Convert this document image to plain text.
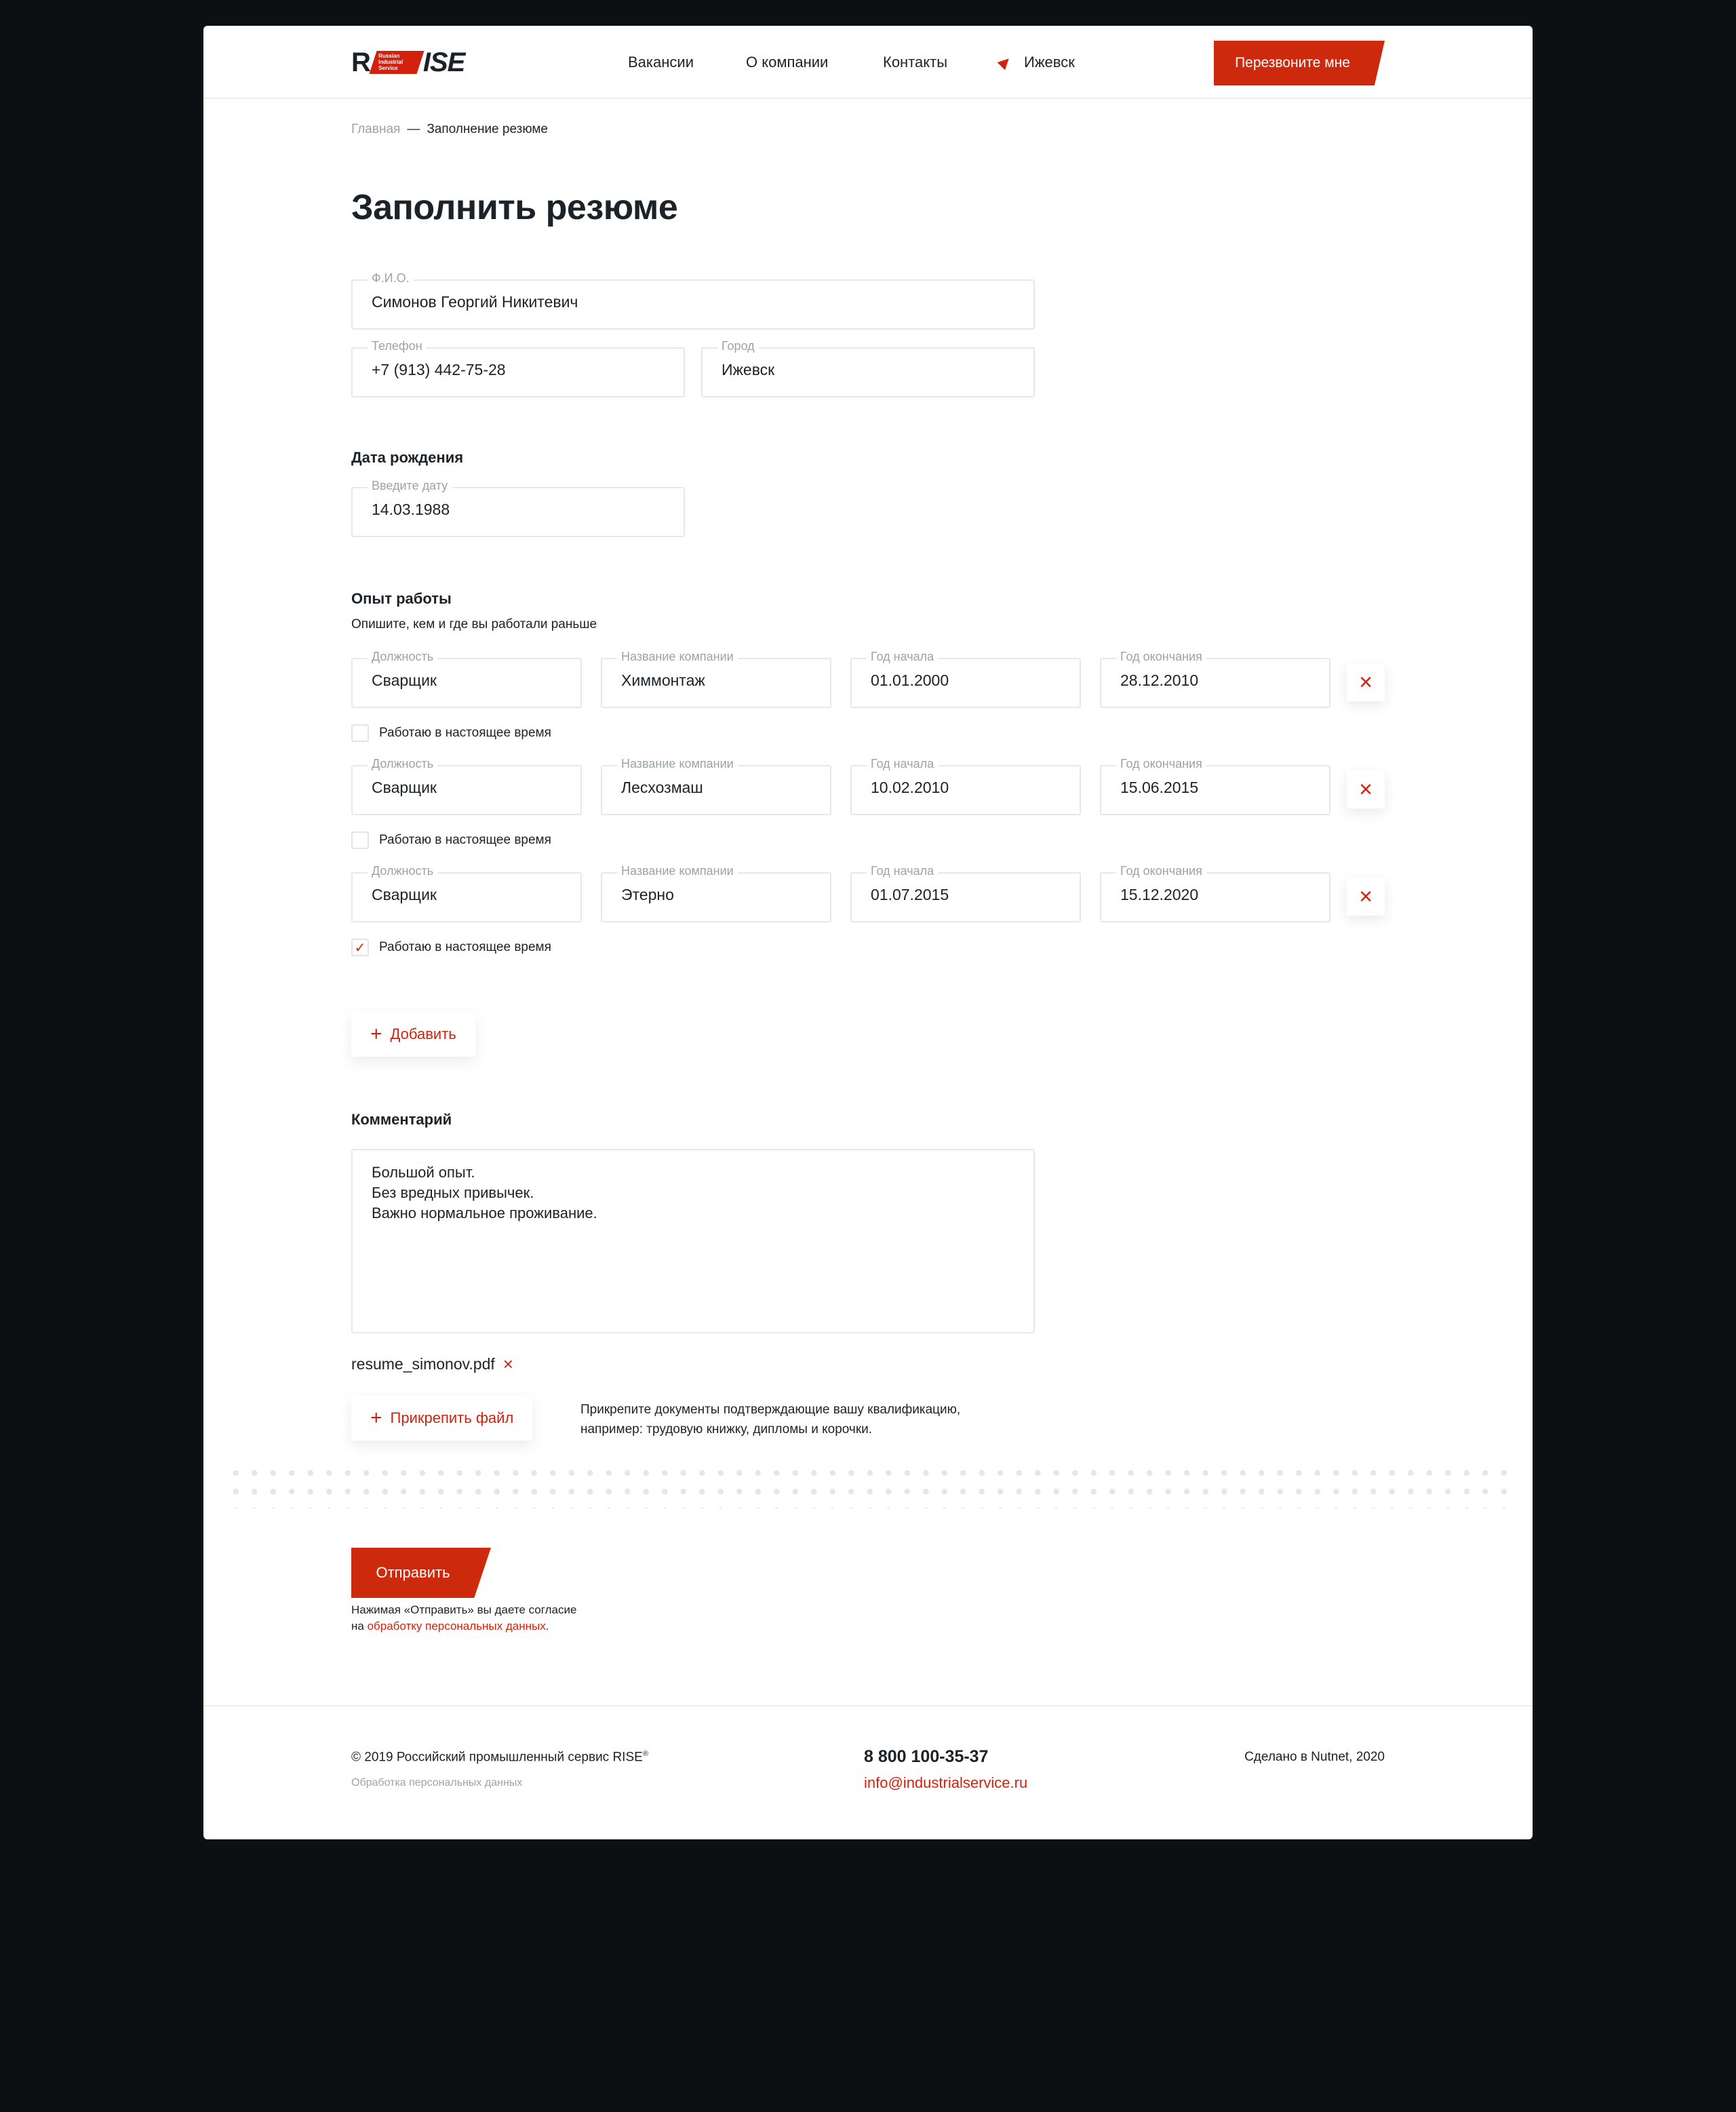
R Russian Industrial Service ISE	Вакансии	О компании	Контакты	Ижевск	Перезвоните мне
Главная — Заполнение резюме
Заполнить резюме
Ф.И.О.
Симонов Георгий Никитевич
Телефон
+7 (913) 442-75-28
Город
Ижевск
Дата рождения
Введите дату
14.03.1988
Опыт работы
Опишите, кем и где вы работали раньше
Должность
Сварщик
Название компании
Химмонтаж
Год начала
01.01.2000
Год окончания
28.12.2010	×
Работаю в настоящее время
Должность
Сварщик
Название компании
Лесхозмаш
Год начала
10.02.2010
Год окончания
15.06.2015	×
Работаю в настоящее время
Должность
Сварщик
Название компании
Этерно
Год начала
01.07.2015
Год окончания
15.12.2020	×
✓ Работаю в настоящее время
+ Добавить
Комментарий
Большой опыт.
Без вредных привычек.
Важно нормальное проживание.
resume_simonov.pdf ×
+ Прикрепить файл	Прикрепите документы подтверждающие вашу квалификацию,
например: трудовую книжку, дипломы и корочки.
Отправить
Нажимая «Отправить» вы даете согласие
на обработку персональных данных.
© 2019 Российский промышленный сервис RISE®
Обработка персональных данных
8 800 100-35-37
info@industrialservice.ru
Сделано в Nutnet, 2020
